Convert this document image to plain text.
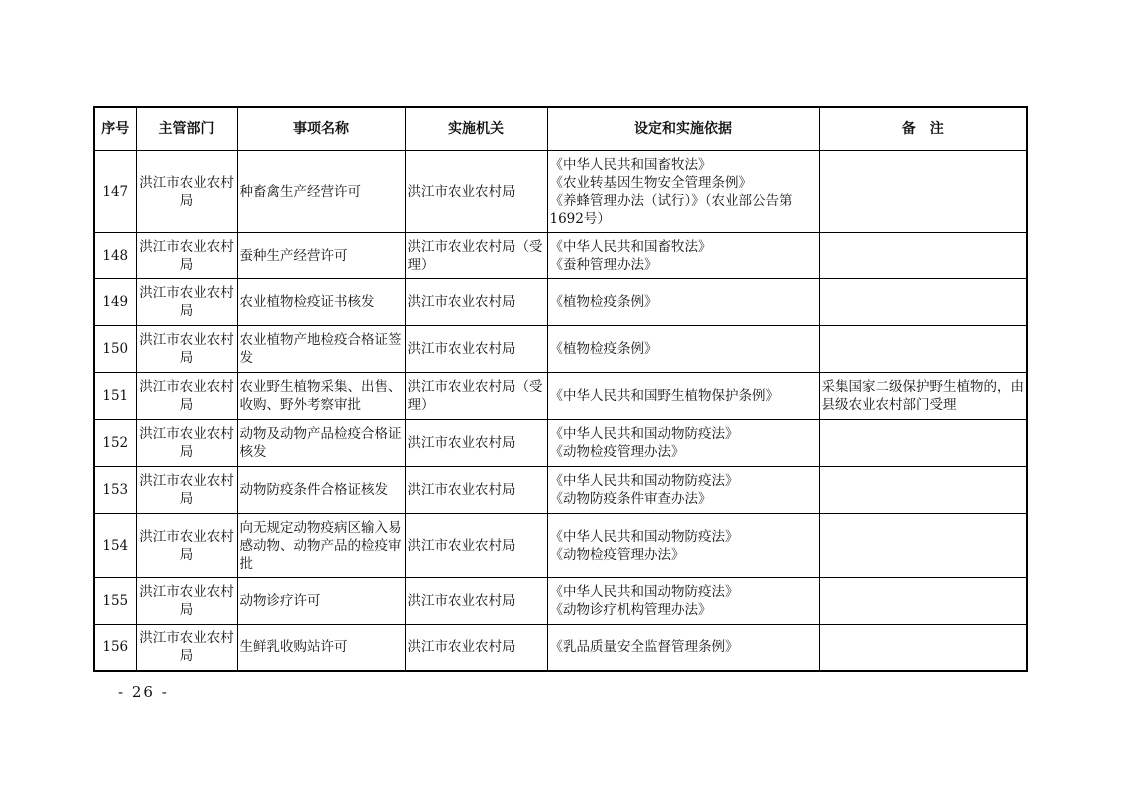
序号	主管部门	事项名称	实施机关	设定和实施依据	备　注
147	洪江市农业农村局	种畜禽生产经营许可	洪江市农业农村局	《中华人民共和国畜牧法》
《农业转基因生物安全管理条例》
《养蜂管理办法（试行）》（农业部公告第1692号）	

148	洪江市农业农村局	蚕种生产经营许可	洪江市农业农村局（受理）	《中华人民共和国畜牧法》
《蚕种管理办法》	

149	洪江市农业农村局	农业植物检疫证书核发	洪江市农业农村局	《植物检疫条例》	

150	洪江市农业农村局	农业植物产地检疫合格证签发	洪江市农业农村局	《植物检疫条例》	

151	洪江市农业农村局	农业野生植物采集、出售、收购、野外考察审批	洪江市农业农村局（受理）	《中华人民共和国野生植物保护条例》	采集国家二级保护野生植物的，由县级农业农村部门受理
152	洪江市农业农村局	动物及动物产品检疫合格证核发	洪江市农业农村局	《中华人民共和国动物防疫法》
《动物检疫管理办法》	

153	洪江市农业农村局	动物防疫条件合格证核发	洪江市农业农村局	《中华人民共和国动物防疫法》
《动物防疫条件审查办法》	

154	洪江市农业农村局	向无规定动物疫病区输入易感动物、动物产品的检疫审批	洪江市农业农村局	《中华人民共和国动物防疫法》
《动物检疫管理办法》	

155	洪江市农业农村局	动物诊疗许可	洪江市农业农村局	《中华人民共和国动物防疫法》
《动物诊疗机构管理办法》	

156	洪江市农业农村局	生鲜乳收购站许可	洪江市农业农村局	《乳品质量安全监督管理条例》	

- 26 -
